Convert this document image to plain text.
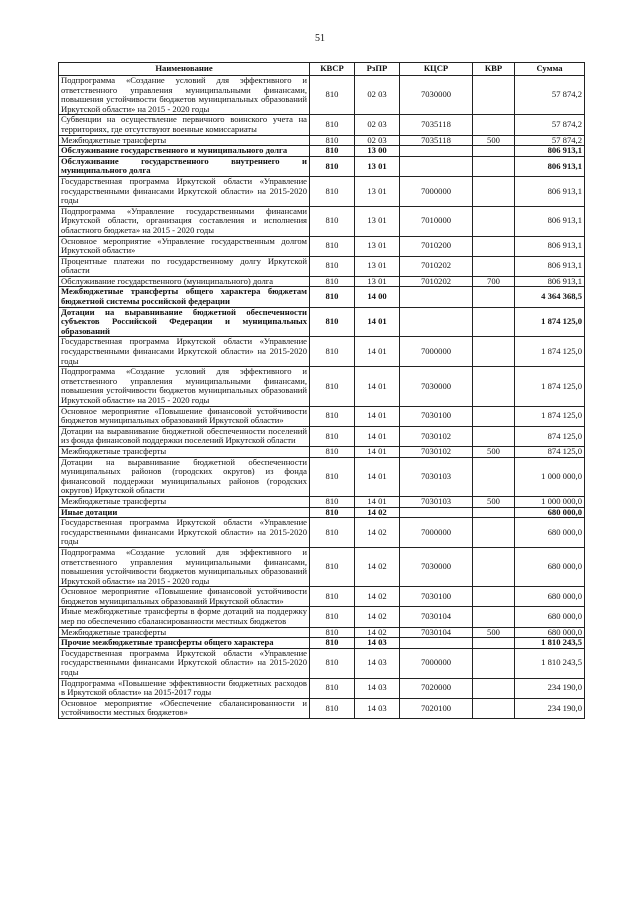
51
Наименование	КВСР	РзПР	КЦСР	КВР	Сумма
Подпрограмма «Создание условий для эффективного и ответственного управления муниципальными финансами, повышения устойчивости бюджетов муниципальных образований Иркутской области» на 2015 - 2020 годы	810	02 03	7030000		57 874,2
Субвенции на осуществление первичного воинского учета на территориях, где отсутствуют военные комиссариаты	810	02 03	7035118		57 874,2
Межбюджетные трансферты	810	02 03	7035118	500	57 874,2
Обслуживание государственного и муниципального долга	810	13 00			806 913,1
Обслуживание государственного внутреннего и муниципального долга	810	13 01			806 913,1
Государственная программа Иркутской области «Управление государственными финансами Иркутской области» на 2015-2020 годы	810	13 01	7000000		806 913,1
Подпрограмма «Управление государственными финансами Иркутской области, организация составления и исполнения областного бюджета» на 2015 - 2020 годы	810	13 01	7010000		806 913,1
Основное мероприятие «Управление государственным долгом Иркутской области»	810	13 01	7010200		806 913,1
Процентные платежи по государственному долгу Иркутской области	810	13 01	7010202		806 913,1
Обслуживание государственного (муниципального) долга	810	13 01	7010202	700	806 913,1
Межбюджетные трансферты общего характера бюджетам бюджетной системы российской федерации	810	14 00			4 364 368,5
Дотации на выравнивание бюджетной обеспеченности субъектов Российской Федерации и муниципальных образований	810	14 01			1 874 125,0
Государственная программа Иркутской области «Управление государственными финансами Иркутской области» на 2015-2020 годы	810	14 01	7000000		1 874 125,0
Подпрограмма «Создание условий для эффективного и ответственного управления муниципальными финансами, повышения устойчивости бюджетов муниципальных образований Иркутской области» на 2015 - 2020 годы	810	14 01	7030000		1 874 125,0
Основное мероприятие «Повышение финансовой устойчивости бюджетов муниципальных образований Иркутской области»	810	14 01	7030100		1 874 125,0
Дотации на выравнивание бюджетной обеспеченности поселений из фонда финансовой поддержки поселений Иркутской области	810	14 01	7030102		874 125,0
Межбюджетные трансферты	810	14 01	7030102	500	874 125,0
Дотации на выравнивание бюджетной обеспеченности муниципальных районов (городских округов) из фонда финансовой поддержки муниципальных районов (городских округов) Иркутской области	810	14 01	7030103		1 000 000,0
Межбюджетные трансферты	810	14 01	7030103	500	1 000 000,0
Иные дотации	810	14 02			680 000,0
Государственная программа Иркутской области «Управление государственными финансами Иркутской области» на 2015-2020 годы	810	14 02	7000000		680 000,0
Подпрограмма «Создание условий для эффективного и ответственного управления муниципальными финансами, повышения устойчивости бюджетов муниципальных образований Иркутской области» на 2015 - 2020 годы	810	14 02	7030000		680 000,0
Основное мероприятие «Повышение финансовой устойчивости бюджетов муниципальных образований Иркутской области»	810	14 02	7030100		680 000,0
Иные межбюджетные трансферты в форме дотаций на поддержку мер по обеспечению сбалансированности местных бюджетов	810	14 02	7030104		680 000,0
Межбюджетные трансферты	810	14 02	7030104	500	680 000,0
Прочие межбюджетные трансферты общего характера	810	14 03			1 810 243,5
Государственная программа Иркутской области «Управление государственными финансами Иркутской области» на 2015-2020 годы	810	14 03	7000000		1 810 243,5
Подпрограмма «Повышение эффективности бюджетных расходов в Иркутской области» на 2015-2017 годы	810	14 03	7020000		234 190,0
Основное мероприятие «Обеспечение сбалансированности и устойчивости местных бюджетов»	810	14 03	7020100		234 190,0
